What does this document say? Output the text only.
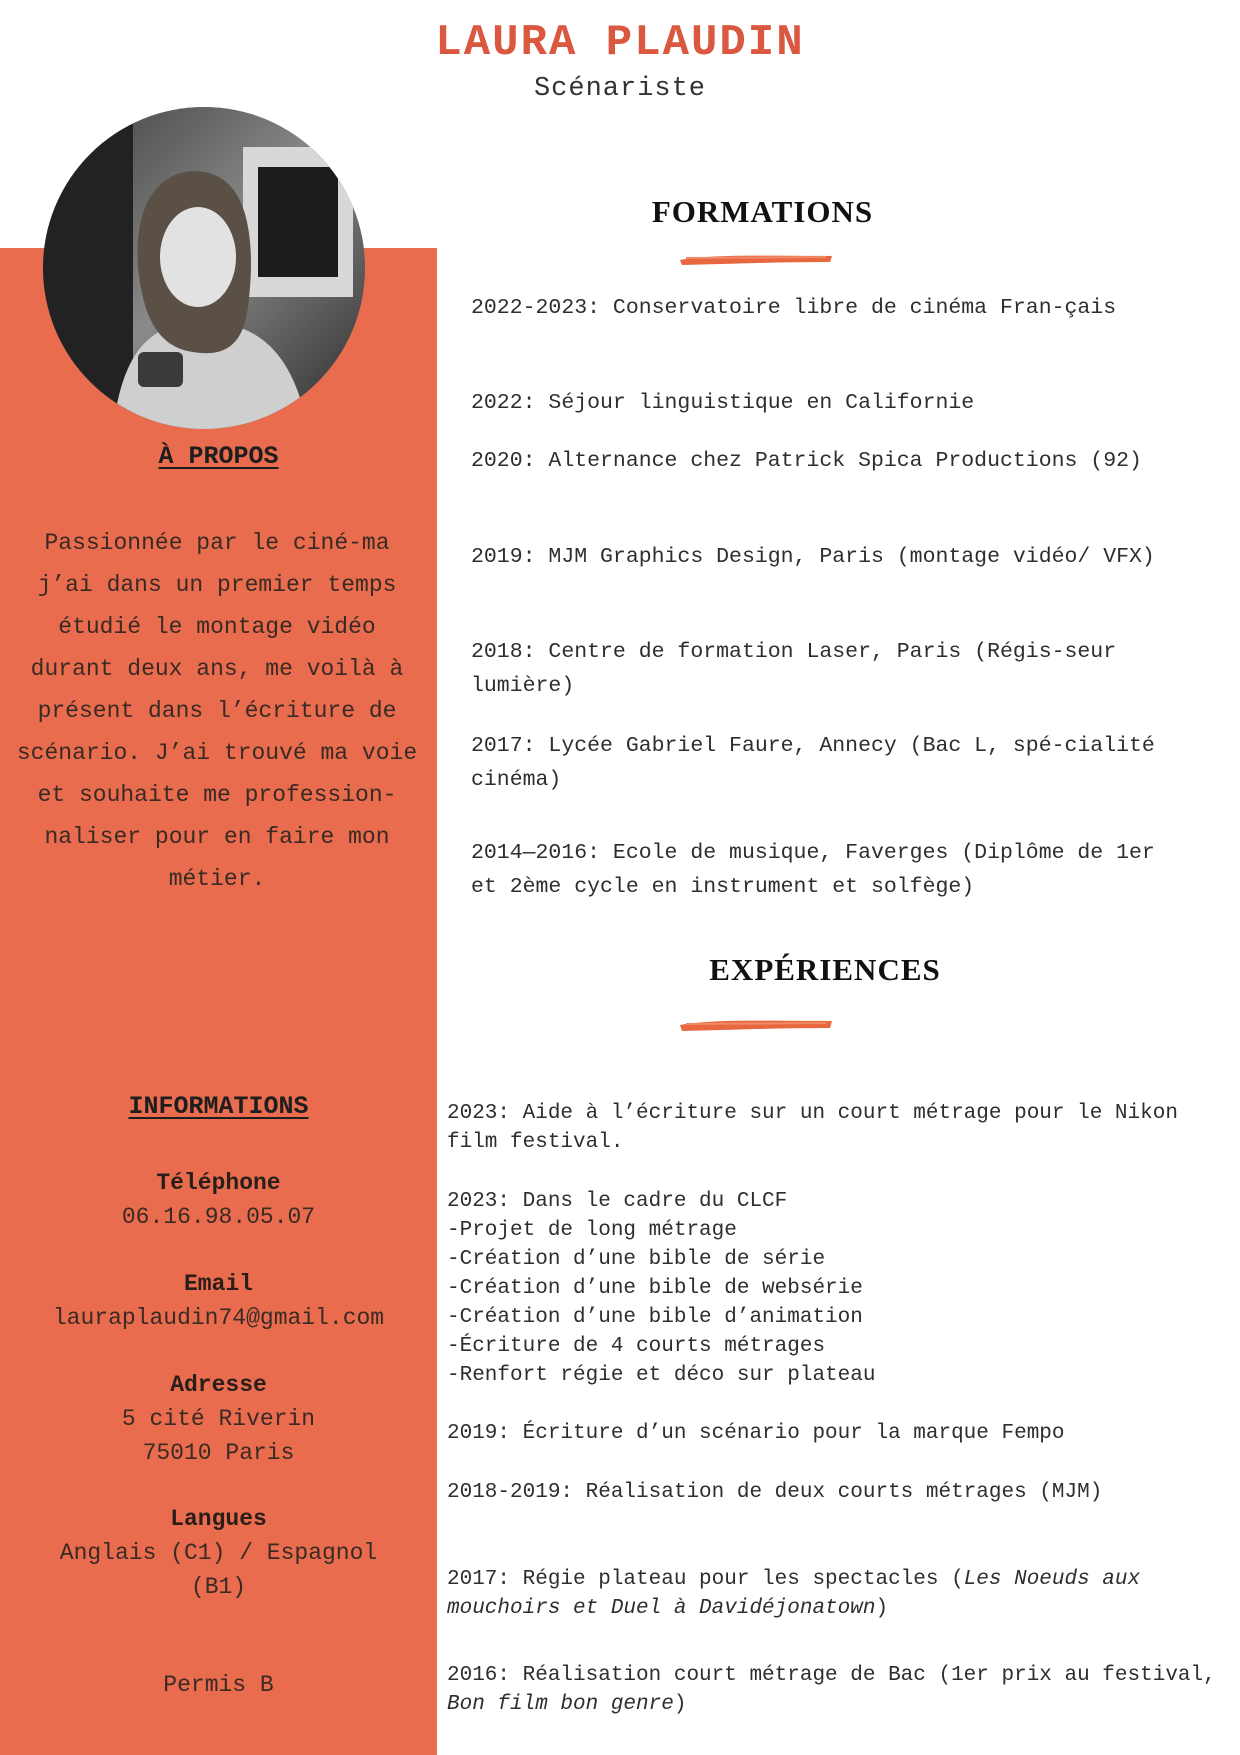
LAURA PLAUDIN
Scénariste
À PROPOS
Passionnée par le ciné-ma j’ai dans un premier temps étudié le montage vidéo durant deux ans, me voilà à présent dans l’écriture de scénario. J’ai trouvé ma voie et souhaite me profession-naliser pour en faire mon métier.
INFORMATIONS
Téléphone
06.16.98.05.07
Email
lauraplaudin74@gmail.com
Adresse
5 cité Riverin
75010 Paris
Langues
Anglais (C1) / Espagnol
(B1)
Permis B
FORMATIONS
2022-2023: Conservatoire libre de cinéma Fran-çais
2022: Séjour linguistique en Californie
2020: Alternance chez Patrick Spica Productions (92)
2019: MJM Graphics Design, Paris (montage vidéo/ VFX)
2018: Centre de formation Laser, Paris (Régis-seur lumière)
2017: Lycée Gabriel Faure, Annecy (Bac L, spé-cialité cinéma)
2014—2016: Ecole de musique, Faverges (Diplôme de 1er et 2ème cycle en instrument et solfège)
EXPÉRIENCES

2023: Aide à l’écriture sur un court métrage pour le Nikon film festival.

2023: Dans le cadre du CLCF

-Projet de long métrage

-Création d’une bible de série

-Création d’une bible de websérie

-Création d’une bible d’animation

-Écriture de 4 courts métrages

-Renfort régie et déco sur plateau

2019: Écriture d’un scénario pour la marque Fempo

2018-2019: Réalisation de deux courts métrages (MJM)

2017: Régie plateau pour les spectacles (Les Noeuds aux mouchoirs et Duel à Davidéjonatown)

2016: Réalisation court métrage de Bac (1er prix au festival, Bon film bon genre)
